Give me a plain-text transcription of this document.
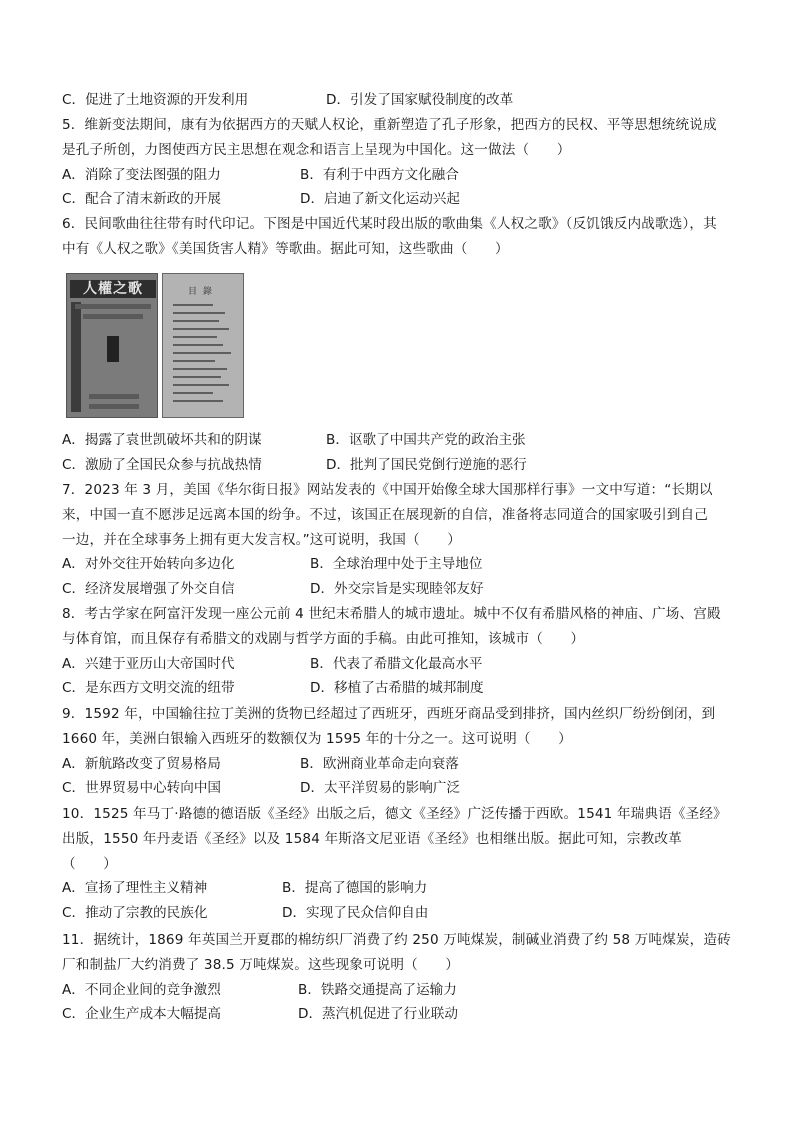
C．促进了土地资源的开发利用	D．引发了国家赋役制度的改革
5．维新变法期间，康有为依据西方的天赋人权论，重新塑造了孔子形象，把西方的民权、平等思想统统说成
是孔子所创，力图使西方民主思想在观念和语言上呈现为中国化。这一做法（　　）
A．消除了变法图强的阻力	B．有利于中西方文化融合
C．配合了清末新政的开展	D．启迪了新文化运动兴起
6．民间歌曲往往带有时代印记。下图是中国近代某时段出版的歌曲集《人权之歌》（反饥饿反内战歌选），其
中有《人权之歌》《美国货害人精》等歌曲。据此可知，这些歌曲（　　）
人權之歌	目錄
A．揭露了袁世凯破坏共和的阴谋	B．讴歌了中国共产党的政治主张
C．激励了全国民众参与抗战热情	D．批判了国民党倒行逆施的恶行
7．2023 年 3 月，美国《华尔街日报》网站发表的《中国开始像全球大国那样行事》一文中写道：“长期以
来，中国一直不愿涉足远离本国的纷争。不过，该国正在展现新的自信，准备将志同道合的国家吸引到自己
一边，并在全球事务上拥有更大发言权。”这可说明，我国（　　）
A．对外交往开始转向多边化	B．全球治理中处于主导地位
C．经济发展增强了外交自信	D．外交宗旨是实现睦邻友好
8．考古学家在阿富汗发现一座公元前 4 世纪末希腊人的城市遗址。城中不仅有希腊风格的神庙、广场、宫殿
与体育馆，而且保存有希腊文的戏剧与哲学方面的手稿。由此可推知，该城市（　　）
A．兴建于亚历山大帝国时代	B．代表了希腊文化最高水平
C．是东西方文明交流的纽带	D．移植了古希腊的城邦制度
9．1592 年，中国输往拉丁美洲的货物已经超过了西班牙，西班牙商品受到排挤，国内丝织厂纷纷倒闭，到
1660 年，美洲白银输入西班牙的数额仅为 1595 年的十分之一。这可说明（　　）
A．新航路改变了贸易格局	B．欧洲商业革命走向衰落
C．世界贸易中心转向中国	D．太平洋贸易的影响广泛
10．1525 年马丁·路德的德语版《圣经》出版之后，德文《圣经》广泛传播于西欧。1541 年瑞典语《圣经》
出版，1550 年丹麦语《圣经》以及 1584 年斯洛文尼亚语《圣经》也相继出版。据此可知，宗教改革
（　　）
A．宣扬了理性主义精神	B．提高了德国的影响力
C．推动了宗教的民族化	D．实现了民众信仰自由
11．据统计，1869 年英国兰开夏郡的棉纺织厂消费了约 250 万吨煤炭，制碱业消费了约 58 万吨煤炭，造砖
厂和制盐厂大约消费了 38.5 万吨煤炭。这些现象可说明（　　）
A．不同企业间的竞争激烈	B．铁路交通提高了运输力
C．企业生产成本大幅提高	D．蒸汽机促进了行业联动
